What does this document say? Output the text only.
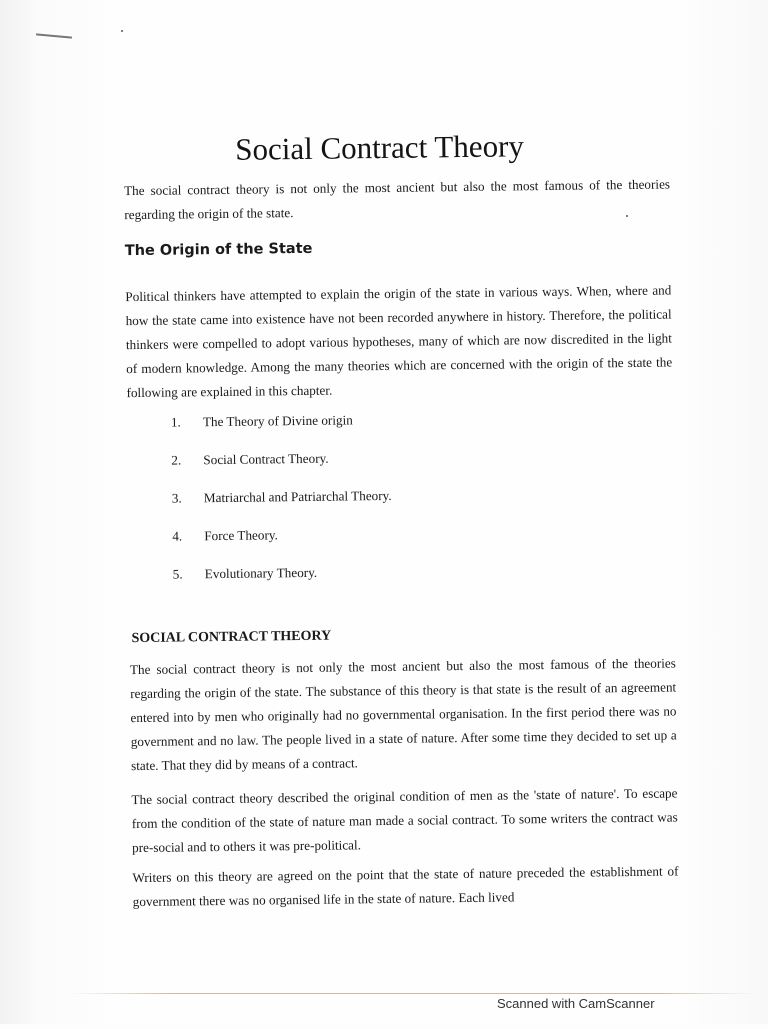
Social Contract Theory

The social contract theory is not only the most ancient but also the most famous of the theories regarding the origin of the state.

The Origin of the State

Political thinkers have attempted to explain the origin of the state in various ways. When, where and how the state came into existence have not been recorded anywhere in history. Therefore, the political thinkers were compelled to adopt various hypotheses, many of which are now discredited in the light of modern knowledge. Among the many theories which are concerned with the origin of the state the following are explained in this chapter.

1.	The Theory of Divine origin
2.	Social Contract Theory.
3.	Matriarchal and Patriarchal Theory.
4.	Force Theory.
5.	Evolutionary Theory.
SOCIAL CONTRACT THEORY

The social contract theory is not only the most ancient but also the most famous of the theories regarding the origin of the state. The substance of this theory is that state is the result of an agreement entered into by men who originally had no governmental organisation. In the first period there was no government and no law. The people lived in a state of nature. After some time they decided to set up a state. That they did by means of a contract.

The social contract theory described the original condition of men as the 'state of nature'. To escape from the condition of the state of nature man made a social contract. To some writers the contract was pre-social and to others it was pre-political.

Writers on this theory are agreed on the point that the state of nature preceded the establishment of government there was no organised life in the state of nature. Each lived

Scanned with CamScanner
